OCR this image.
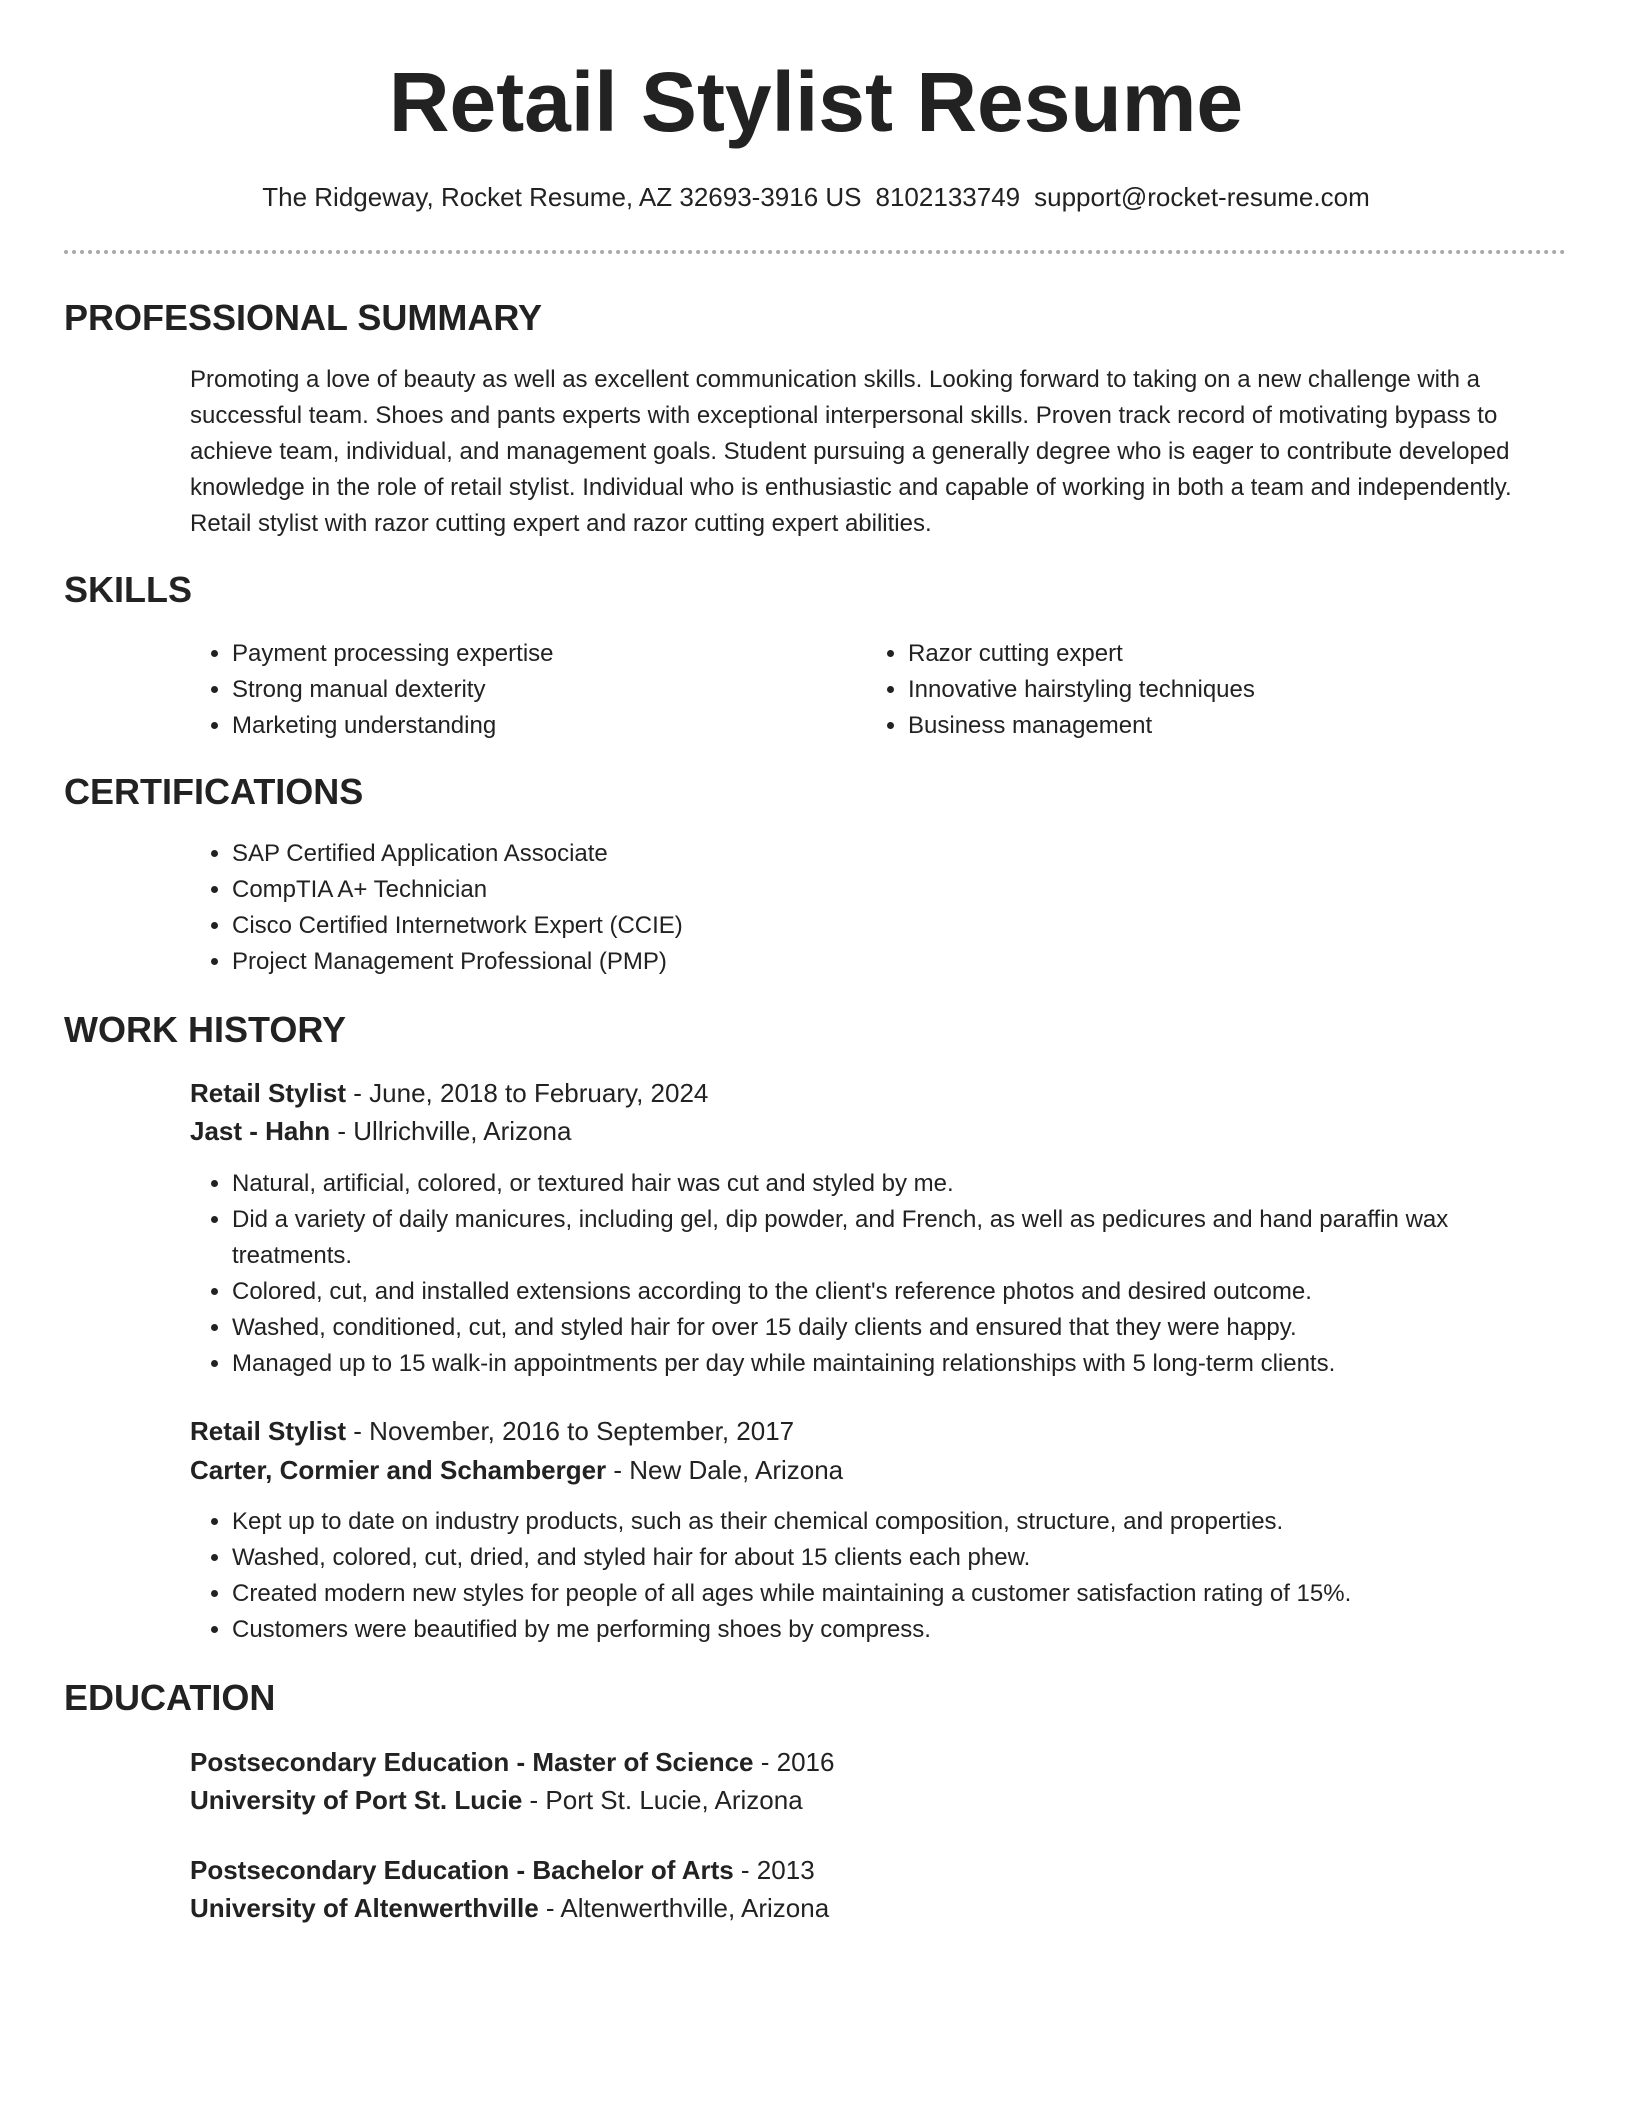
Retail Stylist Resume
The Ridgeway, Rocket Resume, AZ 32693-3916 US 8102133749 support@rocket-resume.com
PROFESSIONAL SUMMARY

Promoting a love of beauty as well as excellent communication skills. Looking forward to taking on a new challenge with a successful team. Shoes and pants experts with exceptional interpersonal skills. Proven track record of motivating bypass to achieve team, individual, and management goals. Student pursuing a generally degree who is eager to contribute developed knowledge in the role of retail stylist. Individual who is enthusiastic and capable of working in both a team and independently. Retail stylist with razor cutting expert and razor cutting expert abilities.

SKILLS
• Payment processing expertise
• Strong manual dexterity
• Marketing understanding
• Razor cutting expert
• Innovative hairstyling techniques
• Business management
CERTIFICATIONS
• SAP Certified Application Associate
• CompTIA A+ Technician
• Cisco Certified Internetwork Expert (CCIE)
• Project Management Professional (PMP)
WORK HISTORY
Retail Stylist - June, 2018 to February, 2024
Jast - Hahn - Ullrichville, Arizona
• Natural, artificial, colored, or textured hair was cut and styled by me.
• Did a variety of daily manicures, including gel, dip powder, and French, as well as pedicures and hand paraffin wax treatments.
• Colored, cut, and installed extensions according to the client's reference photos and desired outcome.
• Washed, conditioned, cut, and styled hair for over 15 daily clients and ensured that they were happy.
• Managed up to 15 walk-in appointments per day while maintaining relationships with 5 long-term clients.
Retail Stylist - November, 2016 to September, 2017
Carter, Cormier and Schamberger - New Dale, Arizona
• Kept up to date on industry products, such as their chemical composition, structure, and properties.
• Washed, colored, cut, dried, and styled hair for about 15 clients each phew.
• Created modern new styles for people of all ages while maintaining a customer satisfaction rating of 15%.
• Customers were beautified by me performing shoes by compress.
EDUCATION
Postsecondary Education - Master of Science - 2016
University of Port St. Lucie - Port St. Lucie, Arizona
Postsecondary Education - Bachelor of Arts - 2013
University of Altenwerthville - Altenwerthville, Arizona
